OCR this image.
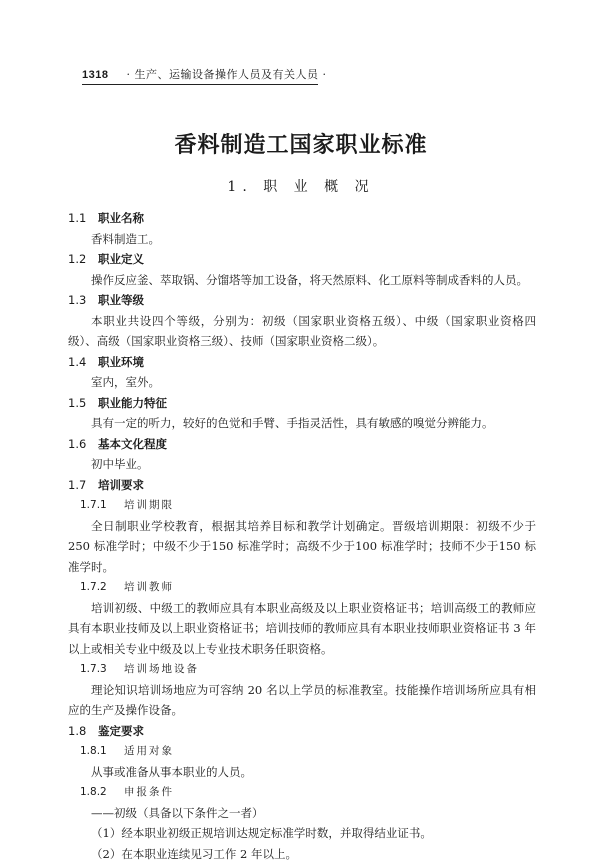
1318 · 生产、运输设备操作人员及有关人员 ·
香料制造工国家职业标准
1. 职 业 概 况
1.1 职业名称
香料制造工。
1.2 职业定义
操作反应釜、萃取锅、分馏塔等加工设备，将天然原料、化工原料等制成香料的人员。
1.3 职业等级
本职业共设四个等级，分别为：初级（国家职业资格五级）、中级（国家职业资格四级）、高级（国家职业资格三级）、技师（国家职业资格二级）。
1.4 职业环境
室内，室外。
1.5 职业能力特征
具有一定的听力，较好的色觉和手臂、手指灵活性，具有敏感的嗅觉分辨能力。
1.6 基本文化程度
初中毕业。
1.7 培训要求
1.7.1 培训期限
全日制职业学校教育，根据其培养目标和教学计划确定。晋级培训期限：初级不少于250 标准学时；中级不少于150 标准学时；高级不少于100 标准学时；技师不少于150 标准学时。
1.7.2 培训教师
培训初级、中级工的教师应具有本职业高级及以上职业资格证书；培训高级工的教师应具有本职业技师及以上职业资格证书；培训技师的教师应具有本职业技师职业资格证书 3 年以上或相关专业中级及以上专业技术职务任职资格。
1.7.3 培训场地设备
理论知识培训场地应为可容纳 20 名以上学员的标准教室。技能操作培训场所应具有相应的生产及操作设备。
1.8 鉴定要求
1.8.1 适用对象
从事或准备从事本职业的人员。
1.8.2 申报条件
——初级（具备以下条件之一者）
（1）经本职业初级正规培训达规定标准学时数，并取得结业证书。
（2）在本职业连续见习工作 2 年以上。
